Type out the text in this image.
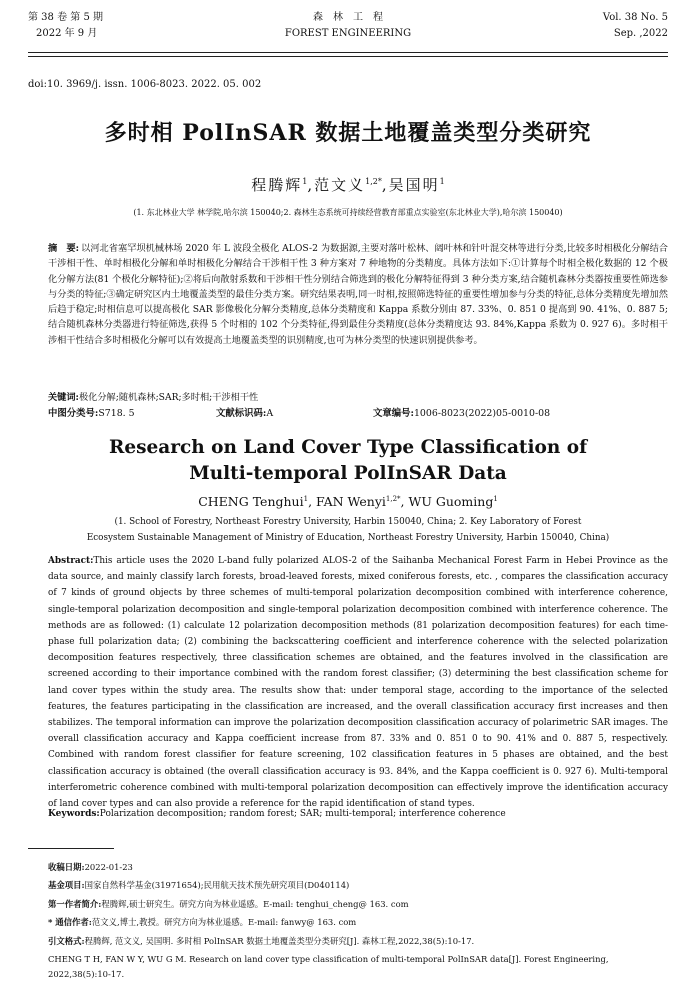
第 38 卷 第 5 期
2022 年 9 月
森　林　工　程
FOREST ENGINEERING
Vol. 38 No. 5
Sep. ,2022
doi:10. 3969/j. issn. 1006-8023. 2022. 05. 002
多时相 PolInSAR 数据土地覆盖类型分类研究
程腾辉$^1$,范文义$^{1,2*}$,吴国明$^1$
(1. 东北林业大学 林学院,哈尔滨 150040;2. 森林生态系统可持续经营教育部重点实验室(东北林业大学),哈尔滨 150040)
摘　要: 以河北省塞罕坝机械林场 2020 年 L 波段全极化 ALOS-2 为数据源,主要对落叶松林、阔叶林和针叶混交林等进行分类,比较多时相极化分解结合干涉相干性、单时相极化分解和单时相极化分解结合干涉相干性 3 种方案对 7 种地物的分类精度。具体方法如下:①计算每个时相全极化数据的 12 个极化分解方法(81 个极化分解特征);②将后向散射系数和干涉相干性分别结合筛选到的极化分解特征得到 3 种分类方案,结合随机森林分类器按重要性筛选参与分类的特征;③确定研究区内土地覆盖类型的最佳分类方案。研究结果表明,同一时相,按照筛选特征的重要性增加参与分类的特征,总体分类精度先增加然后趋于稳定;时相信息可以提高极化 SAR 影像极化分解分类精度,总体分类精度和 Kappa 系数分别由 87. 33%、0. 851 0 提高到 90. 41%、0. 887 5;结合随机森林分类器进行特征筛选,获得 5 个时相的 102 个分类特征,得到最佳分类精度(总体分类精度达 93. 84%,Kappa 系数为 0. 927 6)。多时相干涉相干性结合多时相极化分解可以有效提高土地覆盖类型的识别精度,也可为林分类型的快速识别提供参考。
关键词:极化分解;随机森林;SAR;多时相;干涉相干性
中图分类号:S718. 5	文献标识码:A	文章编号:1006-8023(2022)05-0010-08
Research on Land Cover Type Classification of
Multi-temporal PolInSAR Data
CHENG Tenghui$^1$, FAN Wenyi$^{1,2*}$, WU Guoming$^1$
(1. School of Forestry, Northeast Forestry University, Harbin 150040, China; 2. Key Laboratory of Forest
Ecosystem Sustainable Management of Ministry of Education, Northeast Forestry University, Harbin 150040, China)
Abstract:This article uses the 2020 L-band fully polarized ALOS-2 of the Saihanba Mechanical Forest Farm in Hebei Province as the data source, and mainly classify larch forests, broad-leaved forests, mixed coniferous forests, etc. , compares the classification accuracy of 7 kinds of ground objects by three schemes of multi-temporal polarization decomposition combined with interference coherence, single-temporal polarization decomposition and single-temporal polarization decomposition combined with interference coherence. The methods are as followed: (1) calculate 12 polarization decomposition methods (81 polarization decomposition features) for each time-phase full polarization data; (2) combining the backscattering coefficient and interference coherence with the selected polarization decomposition features respectively, three classification schemes are obtained, and the features involved in the classification are screened according to their importance combined with the random forest classifier; (3) determining the best classification scheme for land cover types within the study area. The results show that: under temporal stage, according to the importance of the selected features, the features participating in the classification are increased, and the overall classification accuracy first increases and then stabilizes. The temporal information can improve the polarization decomposition classification accuracy of polarimetric SAR images. The overall classification accuracy and Kappa coefficient increase from 87. 33% and 0. 851 0 to 90. 41% and 0. 887 5, respectively. Combined with random forest classifier for feature screening, 102 classification features in 5 phases are obtained, and the best classification accuracy is obtained (the overall classification accuracy is 93. 84%, and the Kappa coefficient is 0. 927 6). Multi-temporal interferometric coherence combined with multi-temporal polarization decomposition can effectively improve the identification accuracy of land cover types and can also provide a reference for the rapid identification of stand types.
Keywords:Polarization decomposition; random forest; SAR; multi-temporal; interference coherence
收稿日期:2022-01-23
基金项目:国家自然科学基金(31971654);民用航天技术预先研究项目(D040114)
第一作者简介:程腾辉,硕士研究生。研究方向为林业遥感。E-mail: tenghui_cheng@ 163. com
* 通信作者:范文义,博士,教授。研究方向为林业遥感。E-mail: fanwy@ 163. com
引文格式:程腾辉, 范文义, 吴国明. 多时相 PolInSAR 数据土地覆盖类型分类研究[J]. 森林工程,2022,38(5):10-17.
CHENG T H, FAN W Y, WU G M. Research on land cover type classification of multi-temporal PolInSAR data[J]. Forest Engineering, 2022,38(5):10-17.
